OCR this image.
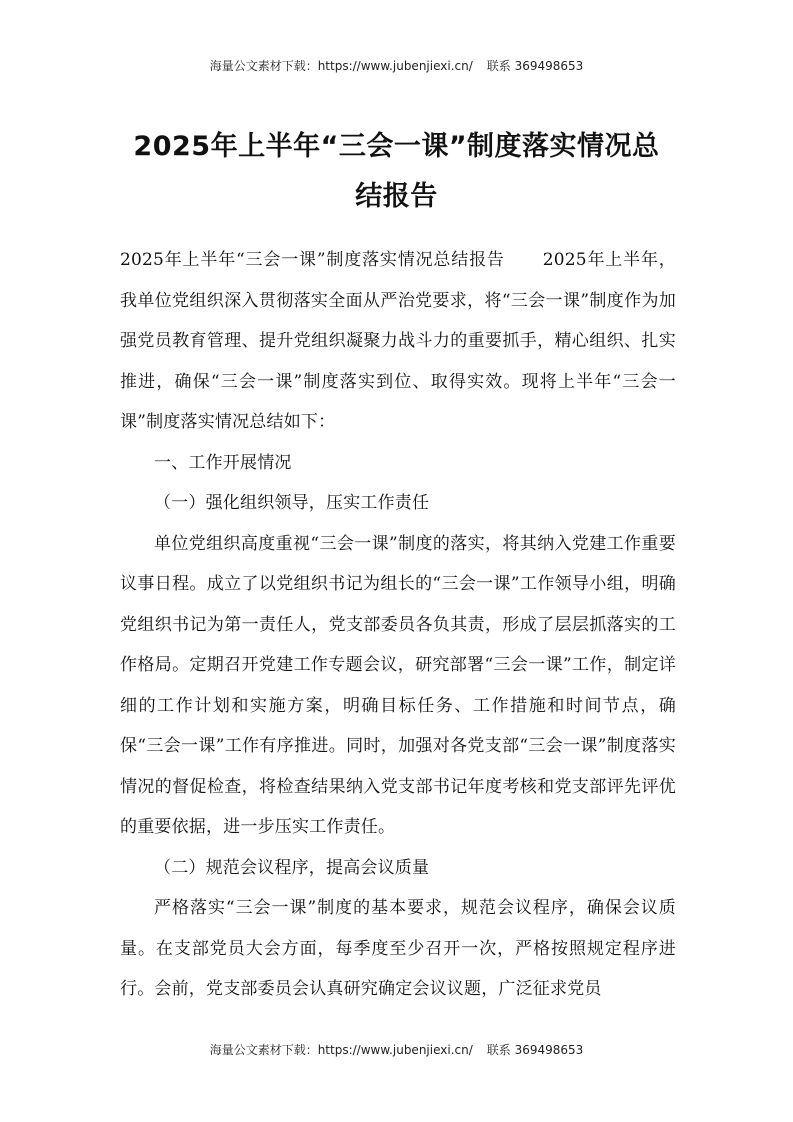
海量公文素材下载：https://www.jubenjiexi.cn/ 联系 369498653
2025年上半年“三会一课”制度落实情况总
结报告

2025年上半年“三会一课”制度落实情况总结报告 2025年上半年，我单位党组织深入贯彻落实全面从严治党要求，将“三会一课”制度作为加强党员教育管理、提升党组织凝聚力战斗力的重要抓手，精心组织、扎实推进，确保“三会一课”制度落实到位、取得实效。现将上半年“三会一课”制度落实情况总结如下：

一、工作开展情况

（一）强化组织领导，压实工作责任

单位党组织高度重视“三会一课”制度的落实，将其纳入党建工作重要议事日程。成立了以党组织书记为组长的“三会一课”工作领导小组，明确党组织书记为第一责任人，党支部委员各负其责，形成了层层抓落实的工作格局。定期召开党建工作专题会议，研究部署“三会一课”工作，制定详细的工作计划和实施方案，明确目标任务、工作措施和时间节点，确保“三会一课”工作有序推进。同时，加强对各党支部“三会一课”制度落实情况的督促检查，将检查结果纳入党支部书记年度考核和党支部评先评优的重要依据，进一步压实工作责任。

（二）规范会议程序，提高会议质量

严格落实“三会一课”制度的基本要求，规范会议程序，确保会议质量。在支部党员大会方面，每季度至少召开一次，严格按照规定程序进行。会前，党支部委员会认真研究确定会议议题，广泛征求党员

海量公文素材下载：https://www.jubenjiexi.cn/ 联系 369498653
